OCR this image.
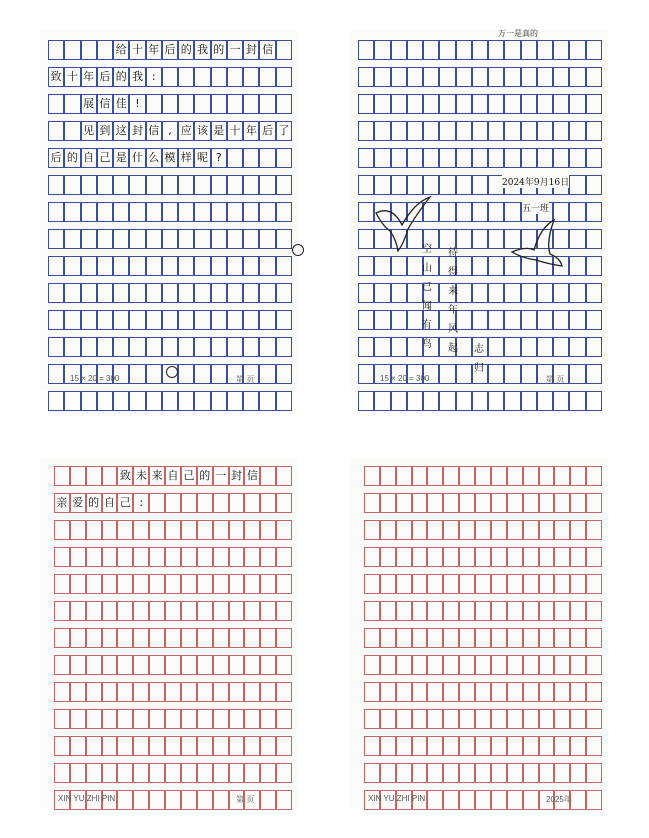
给 十 年 后 的 我 的 一 封 信
致 十 年 后 的 我 :
展 信 佳 !
见 到 这 封 信 , 应 该 是 十 年 后 了
后 的 自 己 是 什 么 模 样 呢 ?
15 × 20 = 300	第 页
万一是真的
2024年9月16日
五一班
空山已闻有鸟
待得来年风起 志归
15 × 20 = 300	第 页
致 未 来 自 己 的 一 封 信
亲 爱 的 自 己 :
XIN YU ZHI PIN	第 页	XIN YU ZHI PIN	2025年
